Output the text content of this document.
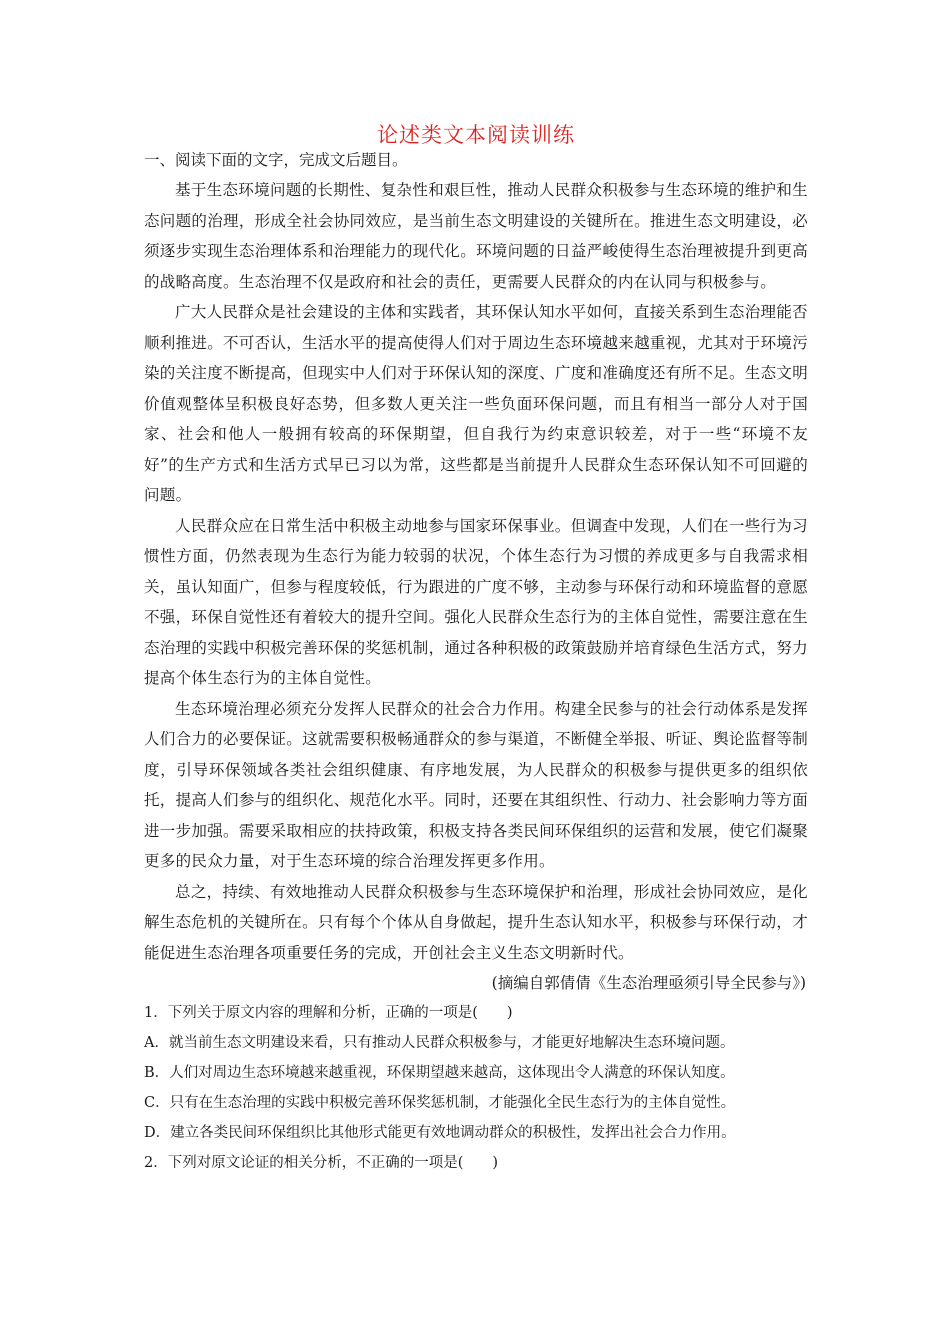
论述类文本阅读训练

一、阅读下面的文字，完成文后题目。

基于生态环境问题的长期性、复杂性和艰巨性，推动人民群众积极参与生态环境的维护和生态问题的治理，形成全社会协同效应，是当前生态文明建设的关键所在。推进生态文明建设，必须逐步实现生态治理体系和治理能力的现代化。环境问题的日益严峻使得生态治理被提升到更高的战略高度。生态治理不仅是政府和社会的责任，更需要人民群众的内在认同与积极参与。

广大人民群众是社会建设的主体和实践者，其环保认知水平如何，直接关系到生态治理能否顺利推进。不可否认，生活水平的提高使得人们对于周边生态环境越来越重视，尤其对于环境污染的关注度不断提高，但现实中人们对于环保认知的深度、广度和准确度还有所不足。生态文明价值观整体呈积极良好态势，但多数人更关注一些负面环保问题，而且有相当一部分人对于国家、社会和他人一般拥有较高的环保期望，但自我行为约束意识较差，对于一些“环境不友好”的生产方式和生活方式早已习以为常，这些都是当前提升人民群众生态环保认知不可回避的问题。

人民群众应在日常生活中积极主动地参与国家环保事业。但调查中发现，人们在一些行为习惯性方面，仍然表现为生态行为能力较弱的状况，个体生态行为习惯的养成更多与自我需求相关，虽认知面广，但参与程度较低，行为跟进的广度不够，主动参与环保行动和环境监督的意愿不强，环保自觉性还有着较大的提升空间。强化人民群众生态行为的主体自觉性，需要注意在生态治理的实践中积极完善环保的奖惩机制，通过各种积极的政策鼓励并培育绿色生活方式，努力提高个体生态行为的主体自觉性。

生态环境治理必须充分发挥人民群众的社会合力作用。构建全民参与的社会行动体系是发挥人们合力的必要保证。这就需要积极畅通群众的参与渠道，不断健全举报、听证、舆论监督等制度，引导环保领域各类社会组织健康、有序地发展，为人民群众的积极参与提供更多的组织依托，提高人们参与的组织化、规范化水平。同时，还要在其组织性、行动力、社会影响力等方面进一步加强。需要采取相应的扶持政策，积极支持各类民间环保组织的运营和发展，使它们凝聚更多的民众力量，对于生态环境的综合治理发挥更多作用。

总之，持续、有效地推动人民群众积极参与生态环境保护和治理，形成社会协同效应，是化解生态危机的关键所在。只有每个个体从自身做起，提升生态认知水平，积极参与环保行动，才能促进生态治理各项重要任务的完成，开创社会主义生态文明新时代。

(摘编自郭倩倩《生态治理亟须引导全民参与》)

1．下列关于原文内容的理解和分析，正确的一项是(　　)

A．就当前生态文明建设来看，只有推动人民群众积极参与，才能更好地解决生态环境问题。

B．人们对周边生态环境越来越重视，环保期望越来越高，这体现出令人满意的环保认知度。

C．只有在生态治理的实践中积极完善环保奖惩机制，才能强化全民生态行为的主体自觉性。

D．建立各类民间环保组织比其他形式能更有效地调动群众的积极性，发挥出社会合力作用。

2．下列对原文论证的相关分析，不正确的一项是(　　)
